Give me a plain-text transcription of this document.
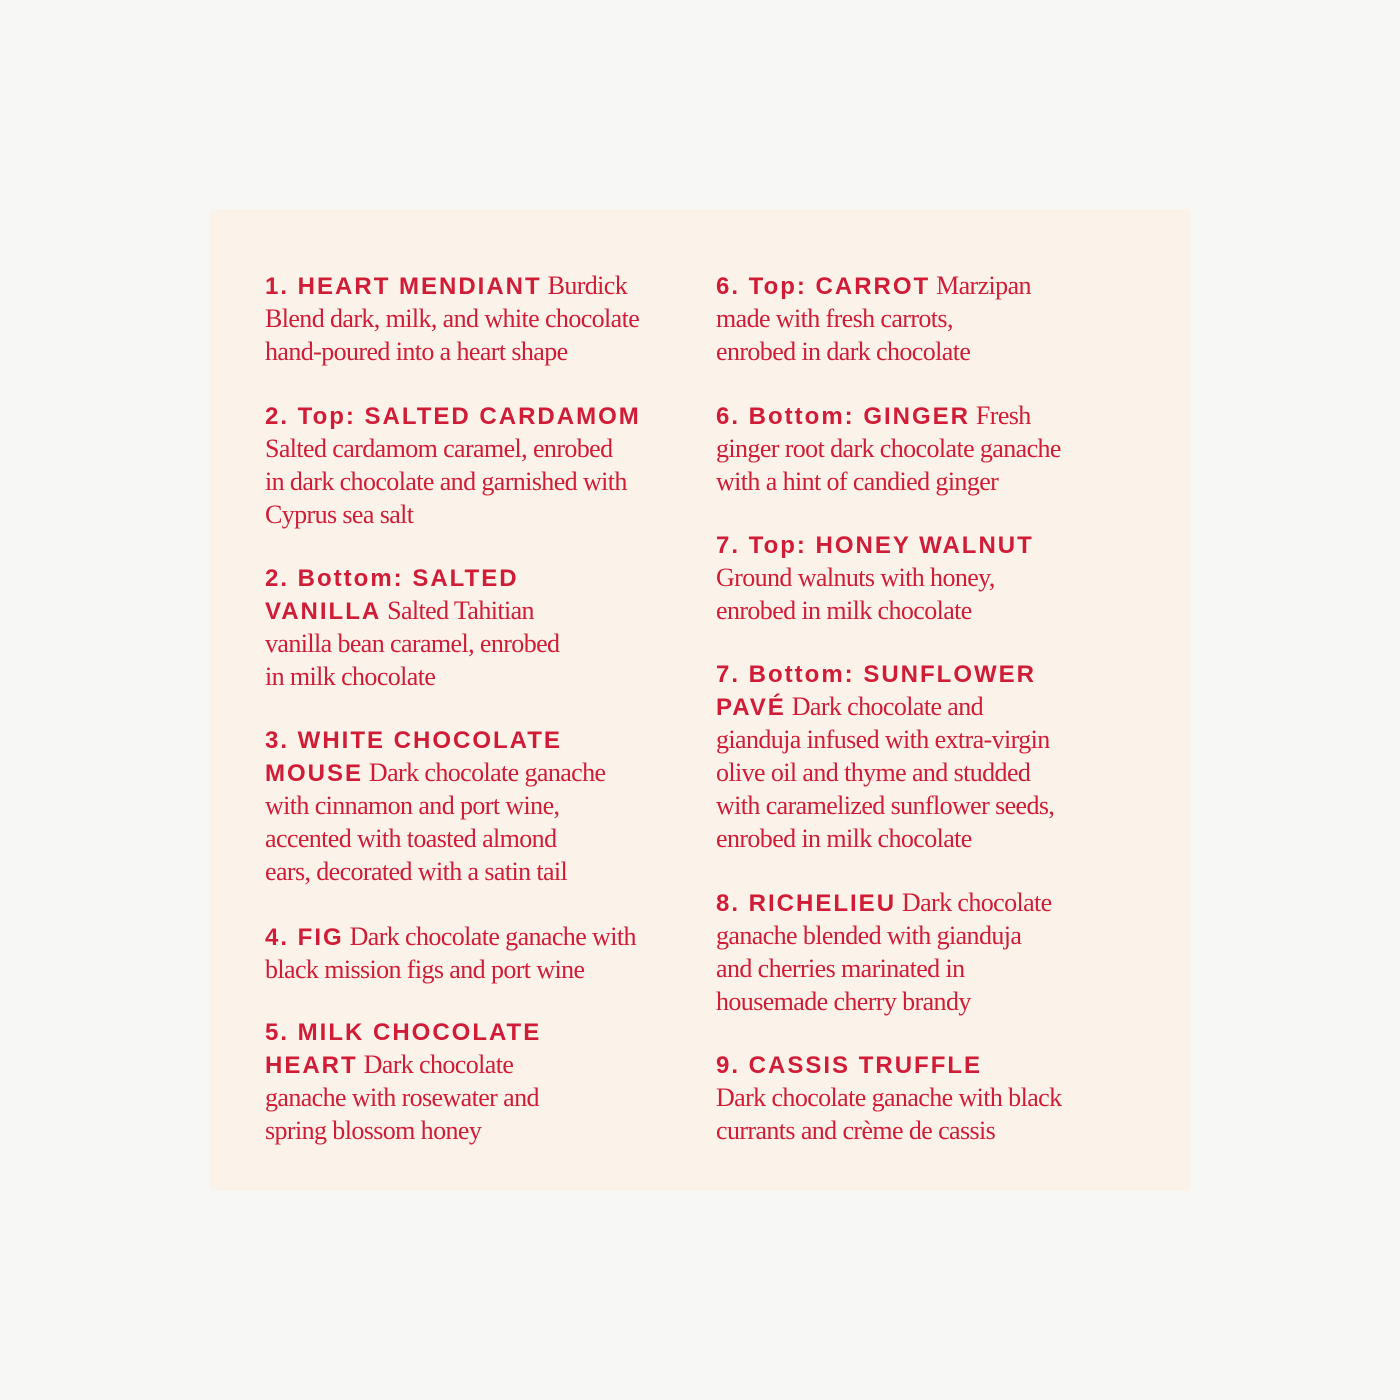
1. HEART MENDIANT Burdick
Blend dark, milk, and white chocolate
hand-poured into a heart shape
2. Top: SALTED CARDAMOM
Salted cardamom caramel, enrobed
in dark chocolate and garnished with
Cyprus sea salt
2. Bottom: SALTED
VANILLA Salted Tahitian
vanilla bean caramel, enrobed
in milk chocolate
3. WHITE CHOCOLATE
MOUSE Dark chocolate ganache
with cinnamon and port wine,
accented with toasted almond
ears, decorated with a satin tail
4. FIG Dark chocolate ganache with
black mission figs and port wine
5. MILK CHOCOLATE
HEART Dark chocolate
ganache with rosewater and
spring blossom honey
6. Top: CARROT Marzipan
made with fresh carrots,
enrobed in dark chocolate
6. Bottom: GINGER Fresh
ginger root dark chocolate ganache
with a hint of candied ginger
7. Top: HONEY WALNUT
Ground walnuts with honey,
enrobed in milk chocolate
7. Bottom: SUNFLOWER
PAVÉ Dark chocolate and
gianduja infused with extra-virgin
olive oil and thyme and studded
with caramelized sunflower seeds,
enrobed in milk chocolate
8. RICHELIEU Dark chocolate
ganache blended with gianduja
and cherries marinated in
housemade cherry brandy
9. CASSIS TRUFFLE
Dark chocolate ganache with black
currants and crème de cassis
